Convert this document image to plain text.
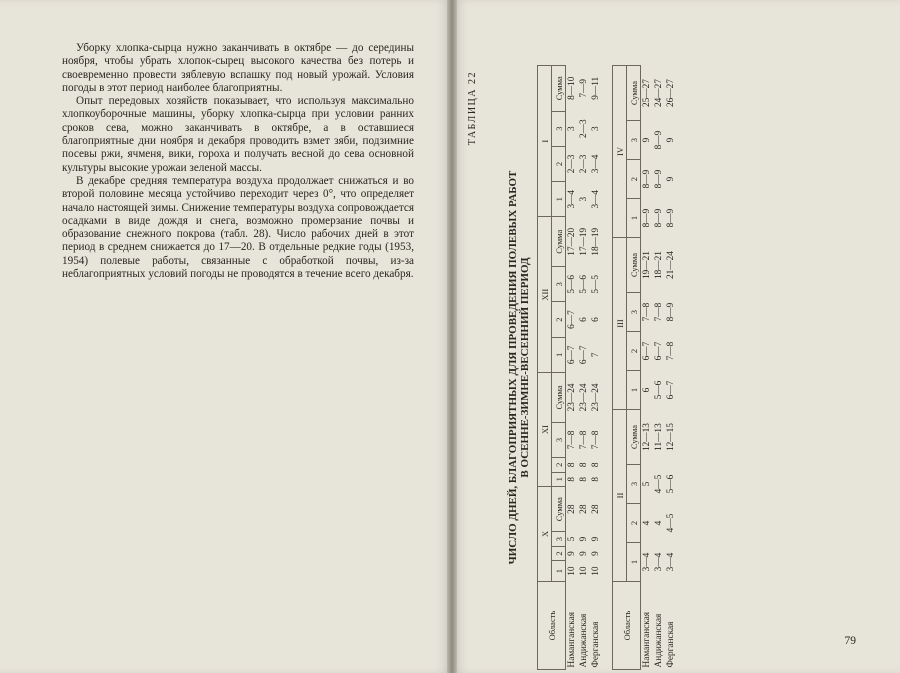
Уборку хлопка-сырца нужно заканчивать в октябре — до середины ноября, чтобы убрать хлопок-сырец высокого качества без потерь и своевременно провести зяблевую вспашку под новый урожай. Условия погоды в этот период наиболее благоприятны.

Опыт передовых хозяйств показывает, что используя максимально хлопкоуборочные машины, уборку хлопка-сырца при условии ранних сроков сева, можно заканчивать в октябре, а в оставшиеся благоприятные дни ноября и декабря проводить взмет зяби, подзимние посевы ржи, ячменя, вики, гороха и получать весной до сева основной культуры высокие урожаи зеленой массы.

В декабре средняя температура воздуха продолжает снижаться и во второй половине месяца устойчиво переходит через 0°, что определяет начало настоящей зимы. Снижение температуры воздуха сопровождается осадками в виде дождя и снега, возможно промерзание почвы и образование снежного покрова (табл. 28). Число рабочих дней в этот период в среднем снижается до 17—20. В отдельные редкие годы (1953, 1954) полевые работы, связанные с обработкой почвы, из-за неблагоприятных условий погоды не проводятся в течение всего декабря.

79
ТАБЛИЦА 22
ЧИСЛО ДНЕЙ, БЛАГОПРИЯТНЫХ ДЛЯ ПРОВЕДЕНИЯ ПОЛЕВЫХ РАБОТ В ОСЕННЕ-ЗИМНЕ-ВЕСЕННИЙ ПЕРИОД
Область	X				XI				XII				I			
	1	2	3	Сумма	1	2	3	Сумма	1	2	3	Сумма	1	2	3	Сумма
Наманганская	10	9	5	28	8	8	7—8	23—24	6—7	6—7	5—6	17—20	3—4	2—3	3	8—10
Андижанская	10	9	9	28	8	8	7—8	23—24	6—7	6	5—6	17—19	3	2—3	2—3	7—9
Ферганская	10	9	9	28	8	8	7—8	23—24	7	6	5—5	18—19	3—4	3—4	3	9—11
Область	II				III				IV			
	1	2	3	Сумма	1	2	3	Сумма	1	2	3	Сумма
Наманганская	3—4	4	5	12—13	6	6—7	7—8	19—21	8—9	8—9	9	25—27
Андижанская	3—4	4	4—5	11—13	5—6	6—7	7—8	18—21	8—9	8—9	8—9	24—27
Ферганская	3—4	4—5	5—6	12—15	6—7	7—8	8—9	21—24	8—9	9	9	26—27
